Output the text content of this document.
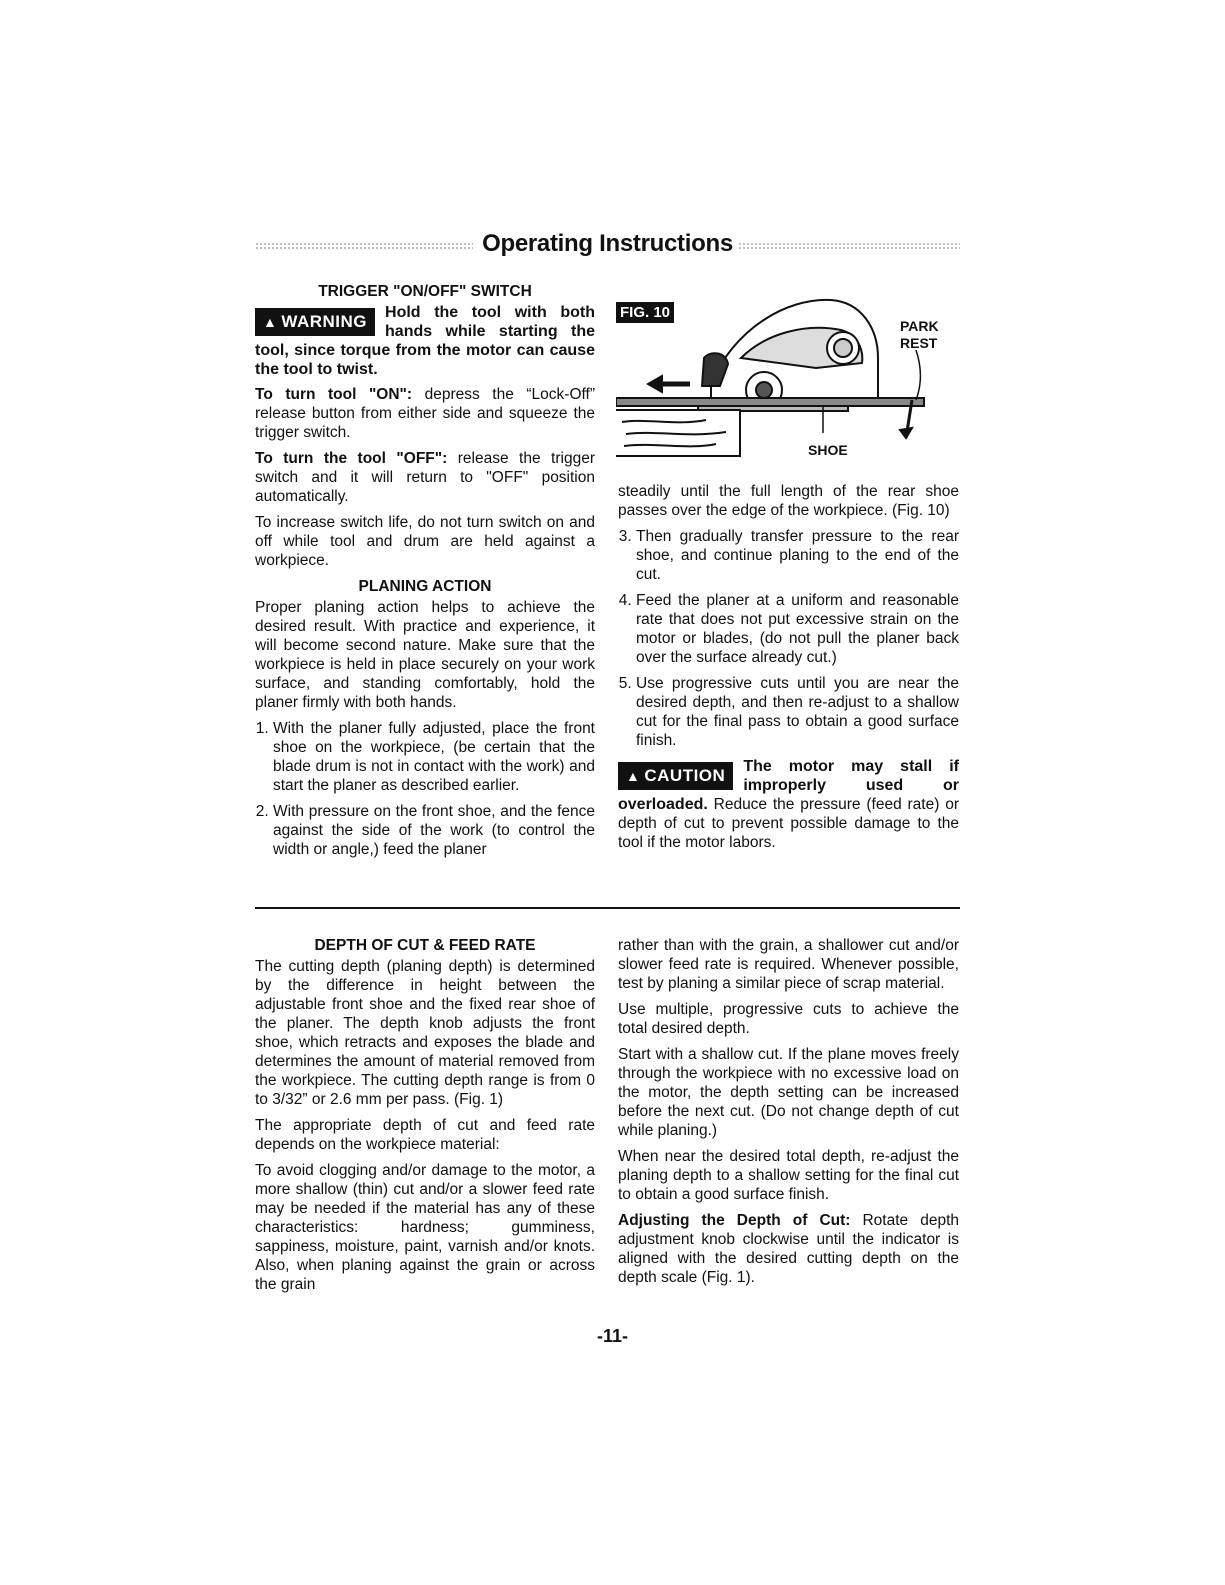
Operating Instructions
TRIGGER "ON/OFF" SWITCH
▲ WARNING	Hold the tool with both hands while starting the tool, since torque from the motor can cause the tool to twist.

To turn tool "ON": depress the “Lock-Off” release button from either side and squeeze the trigger switch.

To turn the tool "OFF": release the trigger switch and it will return to "OFF" position automatically.

To increase switch life, do not turn switch on and off while tool and drum are held against a workpiece.

PLANING ACTION

Proper planing action helps to achieve the desired result. With practice and experience, it will become second nature. Make sure that the workpiece is held in place securely on your work surface, and standing comfortably, hold the planer firmly with both hands.

1. With the planer fully adjusted, place the front shoe on the workpiece, (be certain that the blade drum is not in contact with the work) and start the planer as described earlier.
2. With pressure on the front shoe, and the fence against the side of the work (to control the width or angle,) feed the planer
FIG. 10
PARK REST
SHOE

steadily until the full length of the rear shoe passes over the edge of the workpiece. (Fig. 10)

3. Then gradually transfer pressure to the rear shoe, and continue planing to the end of the cut.
4. Feed the planer at a uniform and reasonable rate that does not put excessive strain on the motor or blades, (do not pull the planer back over the surface already cut.)
5. Use progressive cuts until you are near the desired depth, and then re-adjust to a shallow cut for the final pass to obtain a good surface finish.
▲ CAUTION	The motor may stall if improperly used or overloaded. Reduce the pressure (feed rate) or depth of cut to prevent possible damage to the tool if the motor labors.
DEPTH OF CUT & FEED RATE

The cutting depth (planing depth) is determined by the difference in height between the adjustable front shoe and the fixed rear shoe of the planer. The depth knob adjusts the front shoe, which retracts and exposes the blade and determines the amount of material removed from the workpiece. The cutting depth range is from 0 to 3/32” or 2.6 mm per pass. (Fig. 1)

The appropriate depth of cut and feed rate depends on the workpiece material:

To avoid clogging and/or damage to the motor, a more shallow (thin) cut and/or a slower feed rate may be needed if the material has any of these characteristics: hardness; gumminess, sappiness, moisture, paint, varnish and/or knots. Also, when planing against the grain or across the grain

rather than with the grain, a shallower cut and/or slower feed rate is required. Whenever possible, test by planing a similar piece of scrap material.

Use multiple, progressive cuts to achieve the total desired depth.

Start with a shallow cut. If the plane moves freely through the workpiece with no excessive load on the motor, the depth setting can be increased before the next cut. (Do not change depth of cut while planing.)

When near the desired total depth, re-adjust the planing depth to a shallow setting for the final cut to obtain a good surface finish.

Adjusting the Depth of Cut: Rotate depth adjustment knob clockwise until the indicator is aligned with the desired cutting depth on the depth scale (Fig. 1).

-11-
